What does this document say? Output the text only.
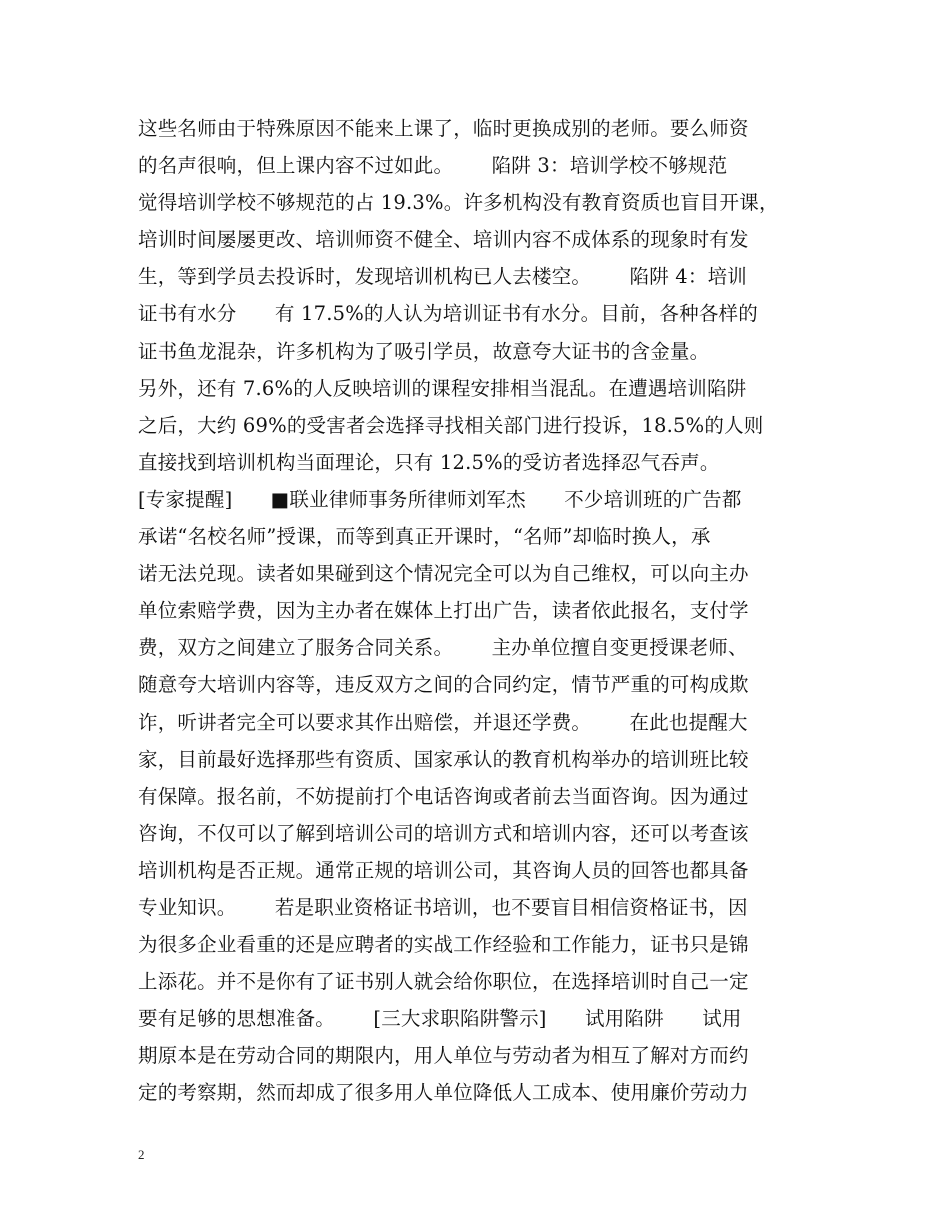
这些名师由于特殊原因不能来上课了，临时更换成别的老师。要么师资
的名声很响，但上课内容不过如此。      陷阱 3：培训学校不够规范
觉得培训学校不够规范的占 19.3%。许多机构没有教育资质也盲目开课，
培训时间屡屡更改、培训师资不健全、培训内容不成体系的现象时有发
生，等到学员去投诉时，发现培训机构已人去楼空。      陷阱 4：培训
证书有水分      有 17.5%的人认为培训证书有水分。目前，各种各样的
证书鱼龙混杂，许多机构为了吸引学员，故意夸大证书的含金量。
另外，还有 7.6%的人反映培训的课程安排相当混乱。在遭遇培训陷阱
之后，大约 69%的受害者会选择寻找相关部门进行投诉，18.5%的人则
直接找到培训机构当面理论，只有 12.5%的受访者选择忍气吞声。
[专家提醒]      ■联业律师事务所律师刘军杰      不少培训班的广告都
承诺“名校名师”授课，而等到真正开课时，“名师”却临时换人，承
诺无法兑现。读者如果碰到这个情况完全可以为自己维权，可以向主办
单位索赔学费，因为主办者在媒体上打出广告，读者依此报名，支付学
费，双方之间建立了服务合同关系。      主办单位擅自变更授课老师、
随意夸大培训内容等，违反双方之间的合同约定，情节严重的可构成欺
诈，听讲者完全可以要求其作出赔偿，并退还学费。      在此也提醒大
家，目前最好选择那些有资质、国家承认的教育机构举办的培训班比较
有保障。报名前，不妨提前打个电话咨询或者前去当面咨询。因为通过
咨询，不仅可以了解到培训公司的培训方式和培训内容，还可以考查该
培训机构是否正规。通常正规的培训公司，其咨询人员的回答也都具备
专业知识。      若是职业资格证书培训，也不要盲目相信资格证书，因
为很多企业看重的还是应聘者的实战工作经验和工作能力，证书只是锦
上添花。并不是你有了证书别人就会给你职位，在选择培训时自己一定
要有足够的思想准备。      [三大求职陷阱警示]      试用陷阱      试用
期原本是在劳动合同的期限内，用人单位与劳动者为相互了解对方而约
定的考察期，然而却成了很多用人单位降低人工成本、使用廉价劳动力
2
